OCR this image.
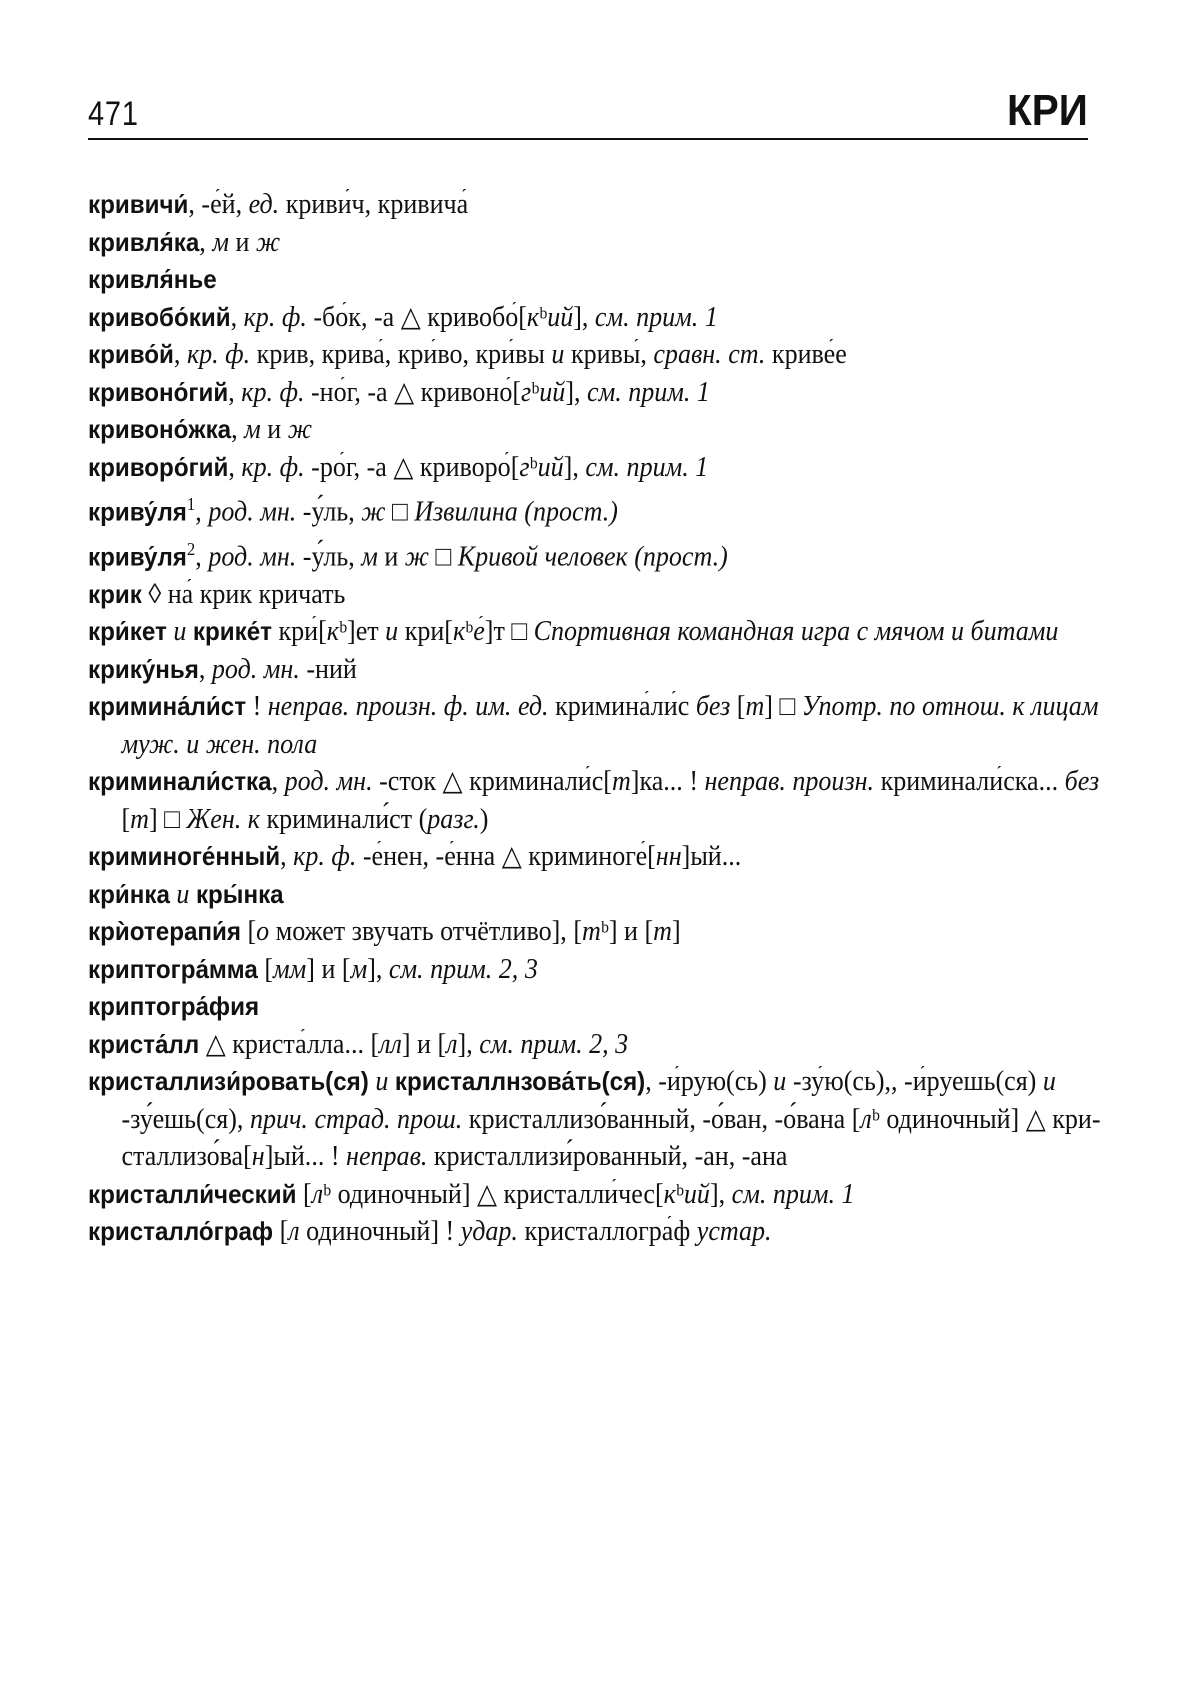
471	КРИ
кривичи́, -е́й, ед. криви́ч, кривича́
кривля́ка, м и ж
кривля́нье
кривобо́кий, кр. ф. -бо́к, -а △ кривобо́[кᵇий], см. прим. 1
криво́й, кр. ф. крив, крива́, кри́во, кри́вы и кривы́, сравн. ст. криве́е
кривоно́гий, кр. ф. -но́г, -а △ кривоно́[гᵇий], см. прим. 1
кривоно́жка, м и ж
криворо́гий, кр. ф. -ро́г, -а △ криворо́[гᵇий], см. прим. 1
$криву́ля^1$, род. мн. -у́ль, ж □ Извилина (прост.)
$криву́ля^2$, род. мн. -у́ль, м и ж □ Кривой человек (прост.)
крик ◊ на́ крик кричать
кри́кет и крике́т кри́[кᵇ]ет и кри[кᵇе́]т □ Спортивная командная игра с мячом и битами
крику́нья, род. мн. -ний
кримина́ли́ст ! неправ. произн. ф. им. ед. кримина́ли́с без [т] □ Употр. по отнош. к лицам муж. и жен. пола
криминали́стка, род. мн. -сток △ криминали́с[т]ка... ! неправ. произн. криминали́ска... без [т] □ Жен. к криминали́ст (разг.)
криминоге́нный, кр. ф. -е́нен, -е́нна △ криминоге́[нн]ый...
кри́нка и кры́нка
крѝотерапи́я [о может звучать отчётливо], [тᵇ] и [т]
криптогра́мма [мм] и [м], см. прим. 2, 3
криптогра́фия
криста́лл △ криста́лла... [лл] и [л], см. прим. 2, 3
кристаллизи́ровать(ся) и кристаллнзова́ть(ся), -и́рую(сь) и -зу́ю(сь),, -и́руешь(ся) и -зу́ешь(ся), прич. страд. прош. кристаллизо́ванный, -о́ван, -о́вана [лᵇ одиночный] △ кри-сталлизо́ва[н]ый... ! неправ. кристаллизи́рованный, -ан, -ана
кристалли́ческий [лᵇ одиночный] △ кристалли́чес[кᵇий], см. прим. 1
кристалло́граф [л одиночный] ! удар. кристаллогра́ф устар.
